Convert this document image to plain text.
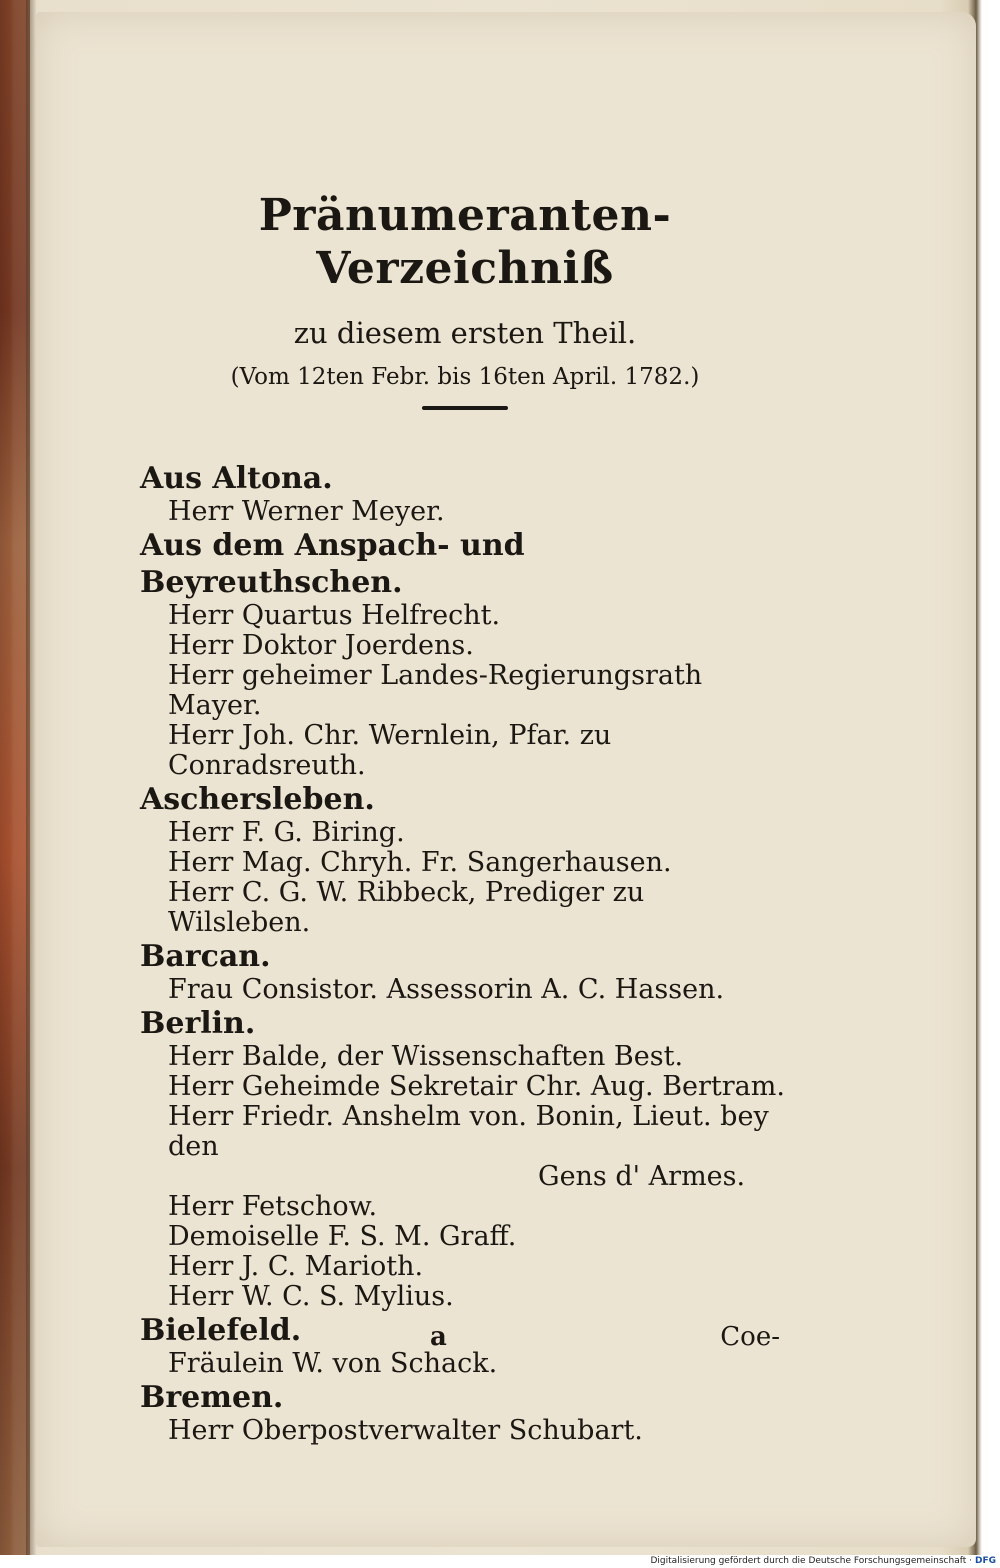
Pränumeranten-Verzeichniß

zu diesem ersten Theil.

(Vom 12ten Febr. bis 16ten April. 1782.)

Aus Altona.

Herr Werner Meyer.

Aus dem Anspach- und Beyreuthschen.

Herr Quartus Helfrecht.

Herr Doktor Joerdens.

Herr geheimer Landes-Regierungsrath Mayer.

Herr Joh. Chr. Wernlein, Pfar. zu Conradsreuth.

Aschersleben.

Herr F. G. Biring.

Herr Mag. Chryh. Fr. Sangerhausen.

Herr C. G. W. Ribbeck, Prediger zu Wilsleben.

Barcan.

Frau Consistor. Assessorin A. C. Hassen.

Berlin.

Herr Balde, der Wissenschaften Best.

Herr Geheimde Sekretair Chr. Aug. Bertram.

Herr Friedr. Anshelm von. Bonin, Lieut. bey den

Gens d' Armes.

Herr Fetschow.

Demoiselle F. S. M. Graff.

Herr J. C. Marioth.

Herr W. C. S. Mylius.

Bielefeld.

Fräulein W. von Schack.

Bremen.

Herr Oberpostverwalter Schubart.

a	Coe-
Digitalisierung gefördert durch die Deutsche Forschungsgemeinschaft · DFG
